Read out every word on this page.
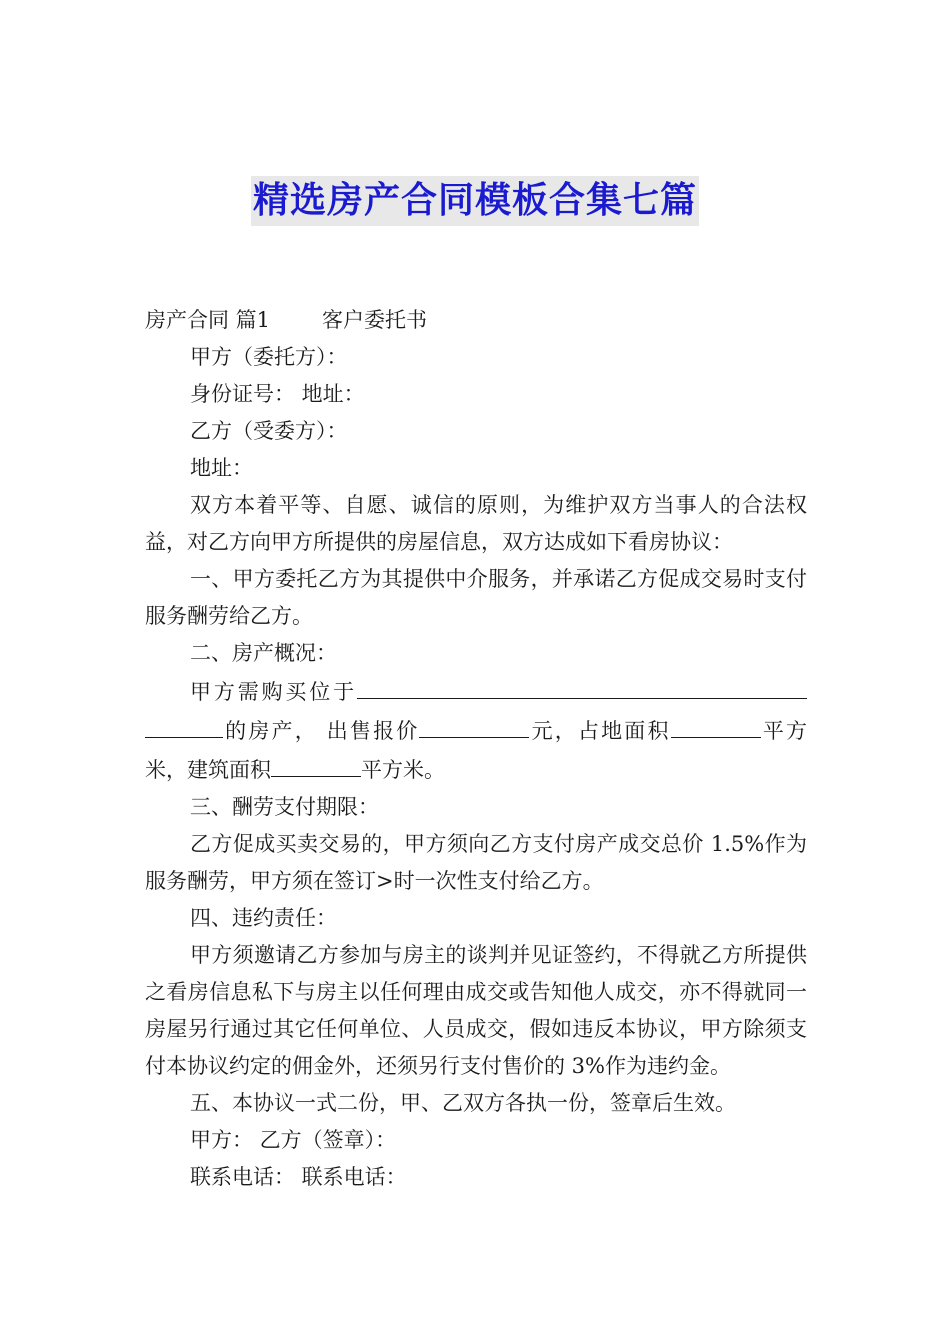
精选房产合同模板合集七篇

房产合同 篇1 客户委托书

甲方（委托方）：

身份证号： 地址：

乙方（受委方）：

地址：

双方本着平等、自愿、诚信的原则，为维护双方当事人的合法权益，对乙方向甲方所提供的房屋信息，双方达成如下看房协议：

一、甲方委托乙方为其提供中介服务，并承诺乙方促成交易时支付服务酬劳给乙方。

二、房产概况：

甲方需购买位于的房产， 出售报价	元，占地面积	平方米，建筑面积	平方米。

三、酬劳支付期限：

乙方促成买卖交易的，甲方须向乙方支付房产成交总价 1.5%作为服务酬劳，甲方须在签订>时一次性支付给乙方。

四、违约责任：

甲方须邀请乙方参加与房主的谈判并见证签约，不得就乙方所提供之看房信息私下与房主以任何理由成交或告知他人成交，亦不得就同一房屋另行通过其它任何单位、人员成交，假如违反本协议，甲方除须支付本协议约定的佣金外，还须另行支付售价的 3%作为违约金。

五、本协议一式二份，甲、乙双方各执一份，签章后生效。

甲方： 乙方（签章）：

联系电话： 联系电话：
